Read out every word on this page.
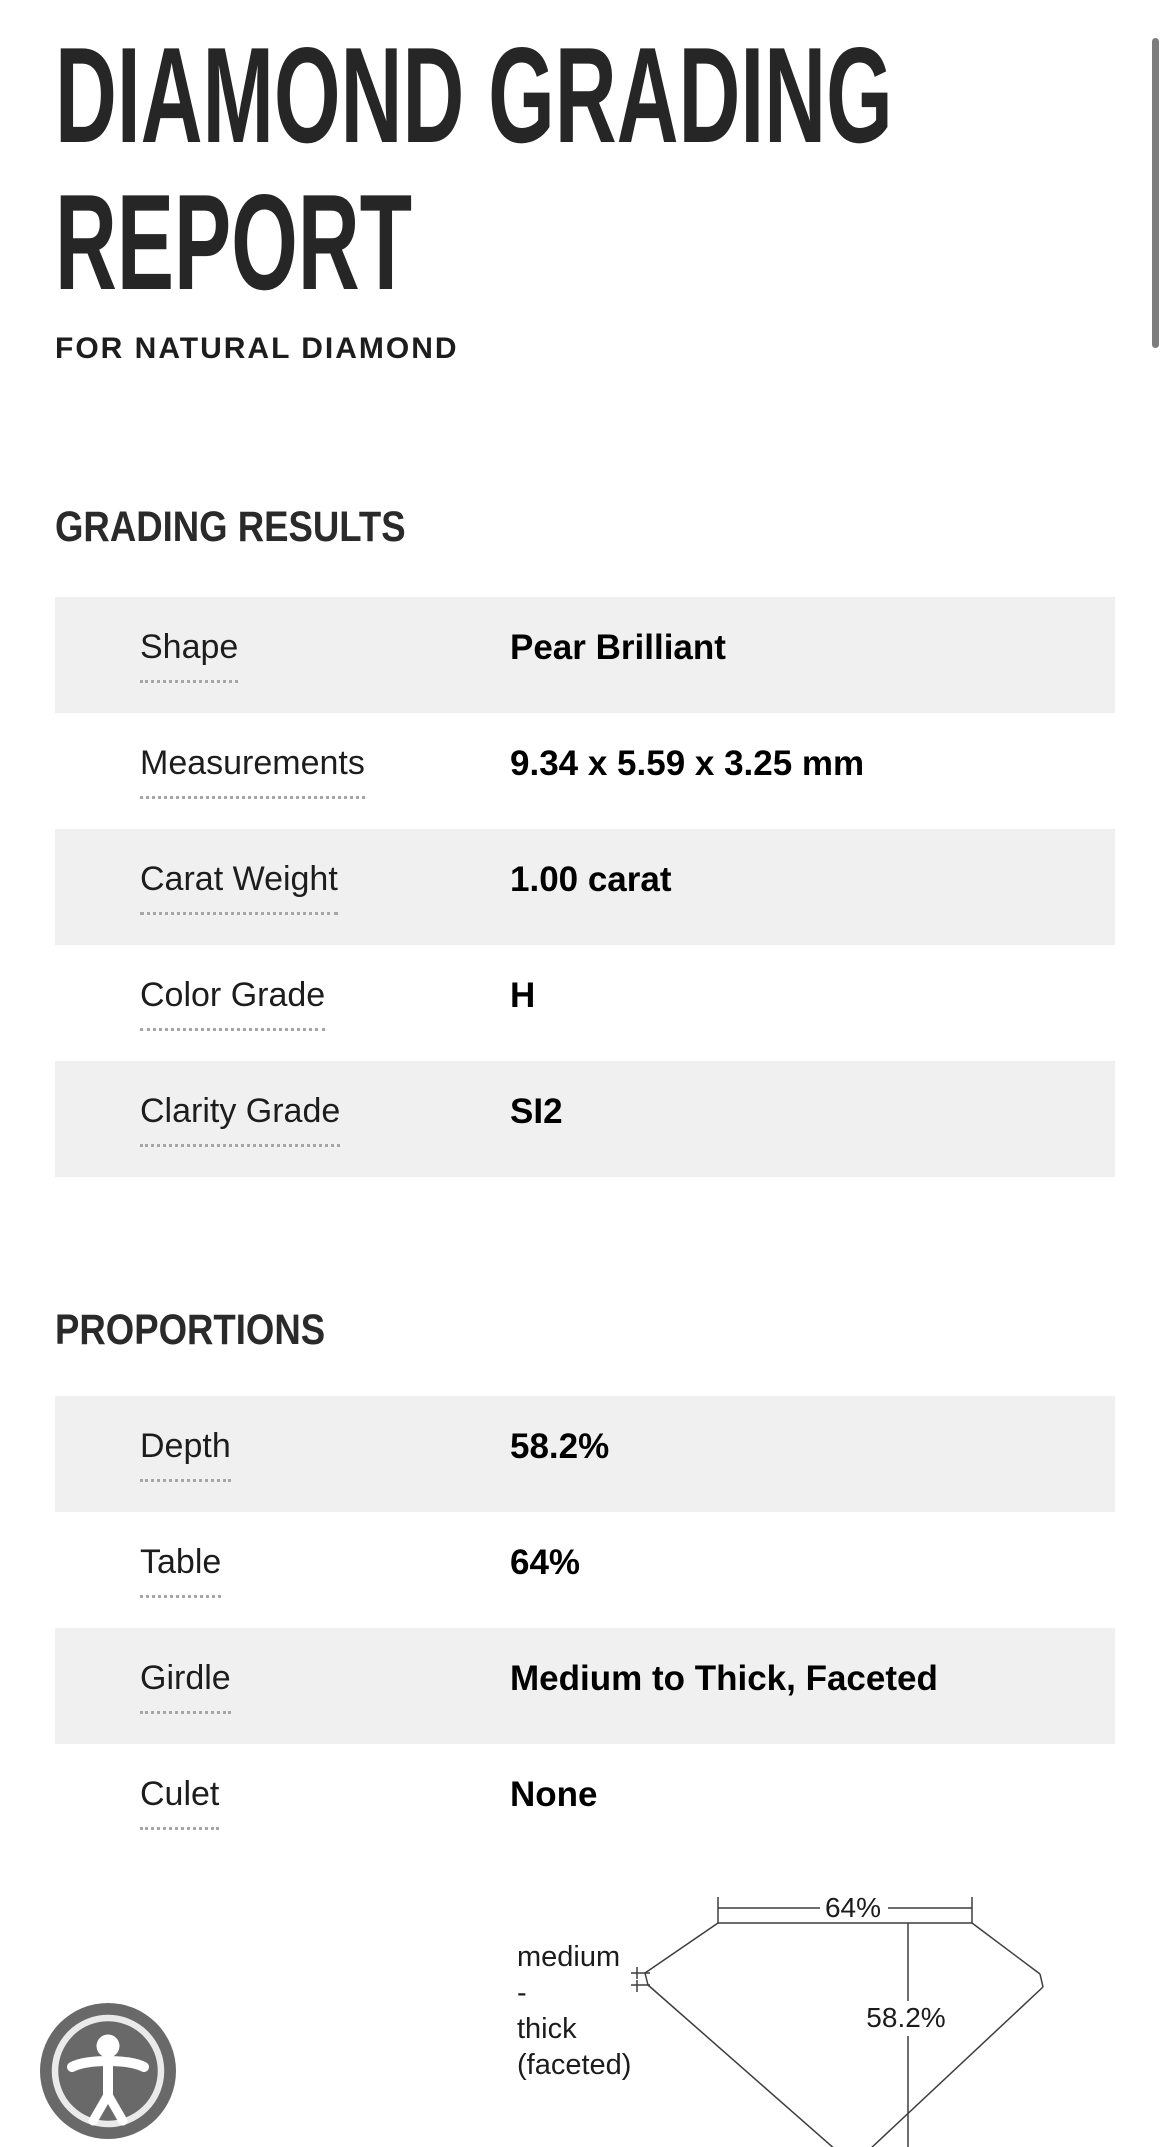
DIAMOND GRADING REPORT
FOR NATURAL DIAMOND
GRADING RESULTS
Shape	Pear Brilliant
Measurements	9.34 x 5.59 x 3.25 mm
Carat Weight	1.00 carat
Color Grade	H
Clarity Grade	SI2
PROPORTIONS
Depth	58.2%
Table	64%
Girdle	Medium to Thick, Faceted
Culet	None
64%
58.2%
medium - thick (faceted)
